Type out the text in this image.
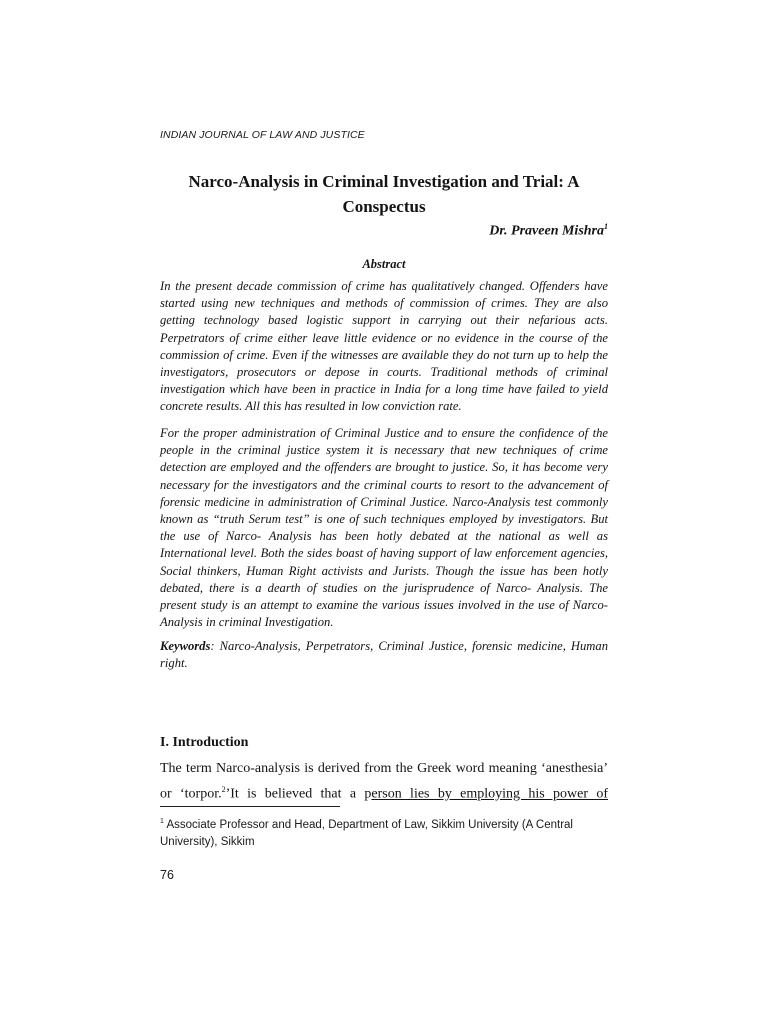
INDIAN JOURNAL OF LAW AND JUSTICE
Narco-Analysis in Criminal Investigation and Trial: A Conspectus
Dr. Praveen Mishra$^1$
Abstract

In the present decade commission of crime has qualitatively changed. Offenders have started using new techniques and methods of commission of crimes. They are also getting technology based logistic support in carrying out their nefarious acts. Perpetrators of crime either leave little evidence or no evidence in the course of the commission of crime. Even if the witnesses are available they do not turn up to help the investigators, prosecutors or depose in courts. Traditional methods of criminal investigation which have been in practice in India for a long time have failed to yield concrete results. All this has resulted in low conviction rate.

For the proper administration of Criminal Justice and to ensure the confidence of the people in the criminal justice system it is necessary that new techniques of crime detection are employed and the offenders are brought to justice. So, it has become very necessary for the investigators and the criminal courts to resort to the advancement of forensic medicine in administration of Criminal Justice. Narco-Analysis test commonly known as “truth Serum test” is one of such techniques employed by investigators. But the use of Narco- Analysis has been hotly debated at the national as well as International level. Both the sides boast of having support of law enforcement agencies, Social thinkers, Human Right activists and Jurists. Though the issue has been hotly debated, there is a dearth of studies on the jurisprudence of Narco- Analysis. The present study is an attempt to examine the various issues involved in the use of Narco-Analysis in criminal Investigation.

Keywords: Narco-Analysis, Perpetrators, Criminal Justice, forensic medicine, Human right.

I. Introduction

The term Narco-analysis is derived from the Greek word meaning ‘anesthesia’ or ‘torpor.$^2$’It is believed that a person lies by employing his power of

$^1$ Associate Professor and Head, Department of Law, Sikkim University (A Central University), Sikkim

76
